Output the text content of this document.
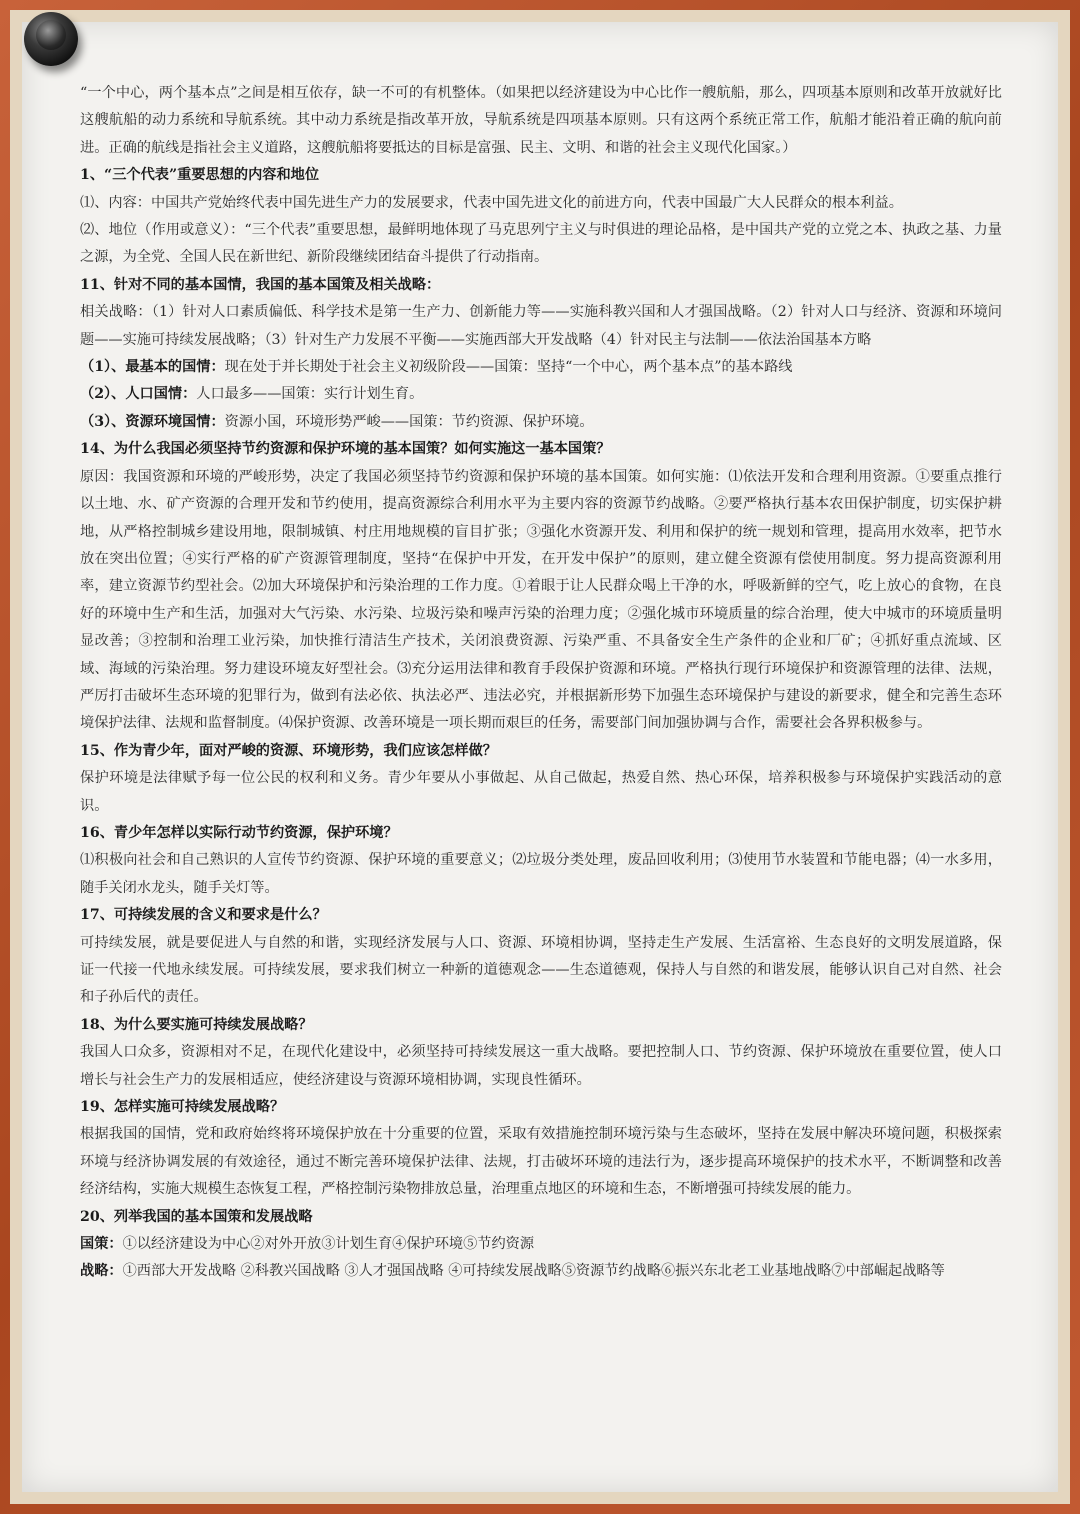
“一个中心，两个基本点”之间是相互依存，缺一不可的有机整体。（如果把以经济建设为中心比作一艘航船，那么，四项基本原则和改革开放就好比这艘航船的动力系统和导航系统。其中动力系统是指改革开放，导航系统是四项基本原则。只有这两个系统正常工作，航船才能沿着正确的航向前进。正确的航线是指社会主义道路，这艘航船将要抵达的目标是富强、民主、文明、和谐的社会主义现代化国家。）

1、“三个代表”重要思想的内容和地位

⑴、内容：中国共产党始终代表中国先进生产力的发展要求，代表中国先进文化的前进方向，代表中国最广大人民群众的根本利益。

⑵、地位（作用或意义）：“三个代表”重要思想，最鲜明地体现了马克思列宁主义与时俱进的理论品格，是中国共产党的立党之本、执政之基、力量之源，为全党、全国人民在新世纪、新阶段继续团结奋斗提供了行动指南。

11、针对不同的基本国情，我国的基本国策及相关战略：

相关战略：（1）针对人口素质偏低、科学技术是第一生产力、创新能力等——实施科教兴国和人才强国战略。（2）针对人口与经济、资源和环境问题——实施可持续发展战略；（3）针对生产力发展不平衡——实施西部大开发战略（4）针对民主与法制——依法治国基本方略

（1）、最基本的国情：现在处于并长期处于社会主义初级阶段——国策：坚持“一个中心，两个基本点”的基本路线

（2）、人口国情：人口最多——国策：实行计划生育。

（3）、资源环境国情：资源小国，环境形势严峻——国策：节约资源、保护环境。

14、为什么我国必须坚持节约资源和保护环境的基本国策？如何实施这一基本国策？

原因：我国资源和环境的严峻形势，决定了我国必须坚持节约资源和保护环境的基本国策。如何实施：⑴依法开发和合理利用资源。①要重点推行以土地、水、矿产资源的合理开发和节约使用，提高资源综合利用水平为主要内容的资源节约战略。②要严格执行基本农田保护制度，切实保护耕地，从严格控制城乡建设用地，限制城镇、村庄用地规模的盲目扩张；③强化水资源开发、利用和保护的统一规划和管理，提高用水效率，把节水放在突出位置；④实行严格的矿产资源管理制度，坚持“在保护中开发，在开发中保护”的原则，建立健全资源有偿使用制度。努力提高资源利用率，建立资源节约型社会。⑵加大环境保护和污染治理的工作力度。①着眼于让人民群众喝上干净的水，呼吸新鲜的空气，吃上放心的食物，在良好的环境中生产和生活，加强对大气污染、水污染、垃圾污染和噪声污染的治理力度；②强化城市环境质量的综合治理，使大中城市的环境质量明显改善；③控制和治理工业污染，加快推行清洁生产技术，关闭浪费资源、污染严重、不具备安全生产条件的企业和厂矿；④抓好重点流域、区域、海域的污染治理。努力建设环境友好型社会。⑶充分运用法律和教育手段保护资源和环境。严格执行现行环境保护和资源管理的法律、法规，严厉打击破坏生态环境的犯罪行为，做到有法必依、执法必严、违法必究，并根据新形势下加强生态环境保护与建设的新要求，健全和完善生态环境保护法律、法规和监督制度。⑷保护资源、改善环境是一项长期而艰巨的任务，需要部门间加强协调与合作，需要社会各界积极参与。

15、作为青少年，面对严峻的资源、环境形势，我们应该怎样做？

保护环境是法律赋予每一位公民的权利和义务。青少年要从小事做起、从自己做起，热爱自然、热心环保，培养积极参与环境保护实践活动的意识。

16、青少年怎样以实际行动节约资源，保护环境？

⑴积极向社会和自己熟识的人宣传节约资源、保护环境的重要意义；⑵垃圾分类处理，废品回收利用；⑶使用节水装置和节能电器；⑷一水多用，随手关闭水龙头，随手关灯等。

17、可持续发展的含义和要求是什么？

可持续发展，就是要促进人与自然的和谐，实现经济发展与人口、资源、环境相协调，坚持走生产发展、生活富裕、生态良好的文明发展道路，保证一代接一代地永续发展。可持续发展，要求我们树立一种新的道德观念——生态道德观，保持人与自然的和谐发展，能够认识自己对自然、社会和子孙后代的责任。

18、为什么要实施可持续发展战略？

我国人口众多，资源相对不足，在现代化建设中，必须坚持可持续发展这一重大战略。要把控制人口、节约资源、保护环境放在重要位置，使人口增长与社会生产力的发展相适应，使经济建设与资源环境相协调，实现良性循环。

19、怎样实施可持续发展战略？

根据我国的国情，党和政府始终将环境保护放在十分重要的位置，采取有效措施控制环境污染与生态破坏，坚持在发展中解决环境问题，积极探索环境与经济协调发展的有效途径，通过不断完善环境保护法律、法规，打击破坏环境的违法行为，逐步提高环境保护的技术水平，不断调整和改善经济结构，实施大规模生态恢复工程，严格控制污染物排放总量，治理重点地区的环境和生态，不断增强可持续发展的能力。

20、列举我国的基本国策和发展战略

国策：①以经济建设为中心②对外开放③计划生育④保护环境⑤节约资源

战略：①西部大开发战略 ②科教兴国战略 ③人才强国战略 ④可持续发展战略⑤资源节约战略⑥振兴东北老工业基地战略⑦中部崛起战略等
